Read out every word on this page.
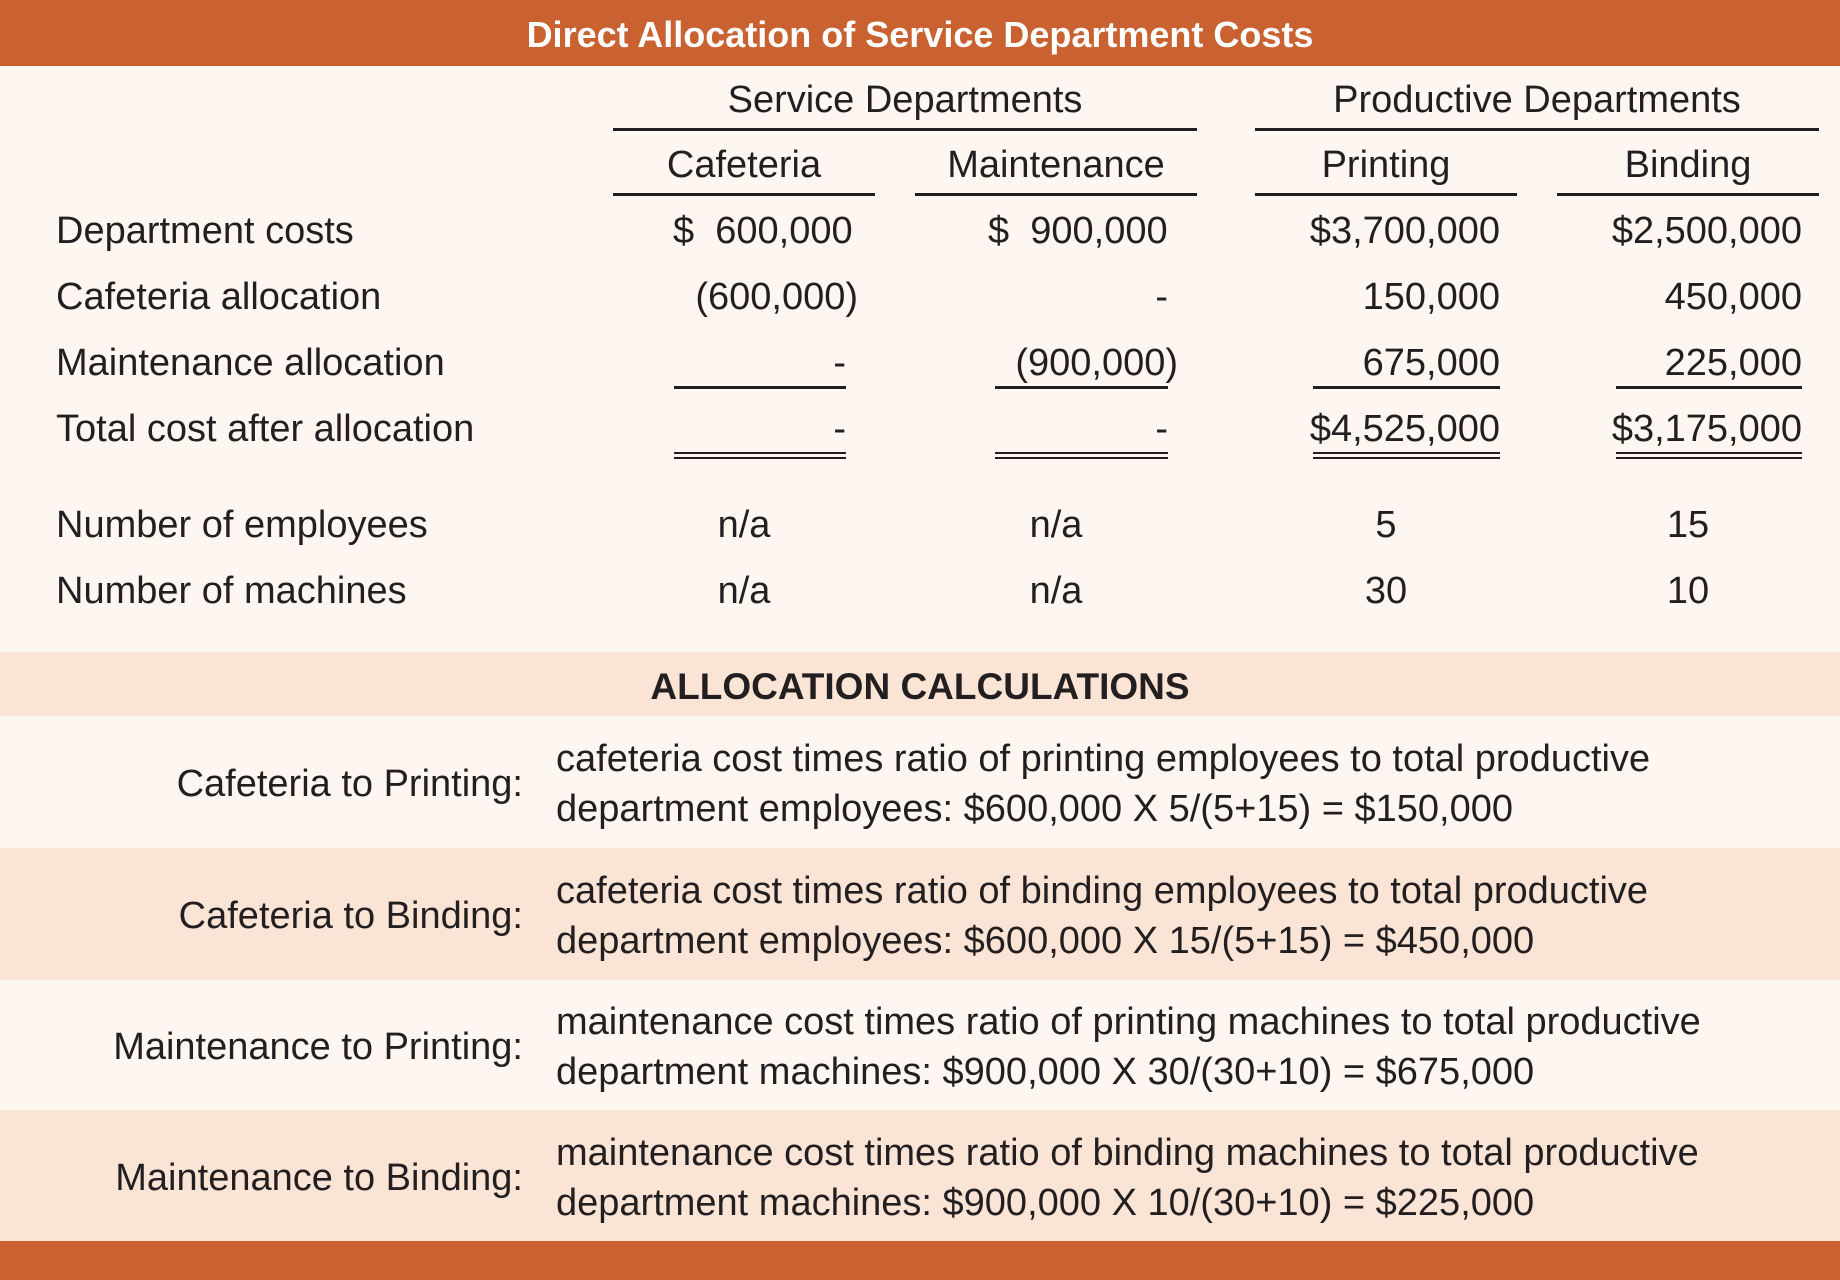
Direct Allocation of Service Department Costs
Service Departments	Productive Departments
Cafeteria	Maintenance	Printing	Binding
Department costs	$  600,000	$  900,000	$3,700,000	$2,500,000
Cafeteria allocation	(600,000)	-	150,000	450,000
Maintenance allocation	-	(900,000)	675,000	225,000
Total cost after allocation	-	-	$4,525,000	$3,175,000
Number of employees	n/a	n/a	5	15
Number of machines	n/a	n/a	30	10
ALLOCATION CALCULATIONS
Cafeteria to Printing:
cafeteria cost times ratio of printing employees to total productive
department employees: $600,000 X 5/(5+15) = $150,000
Cafeteria to Binding:
cafeteria cost times ratio of binding employees to total productive
department employees: $600,000 X 15/(5+15) = $450,000
Maintenance to Printing:
maintenance cost times ratio of printing machines to total productive
department machines: $900,000 X 30/(30+10) = $675,000
Maintenance to Binding:
maintenance cost times ratio of binding machines to total productive
department machines: $900,000 X 10/(30+10) = $225,000
